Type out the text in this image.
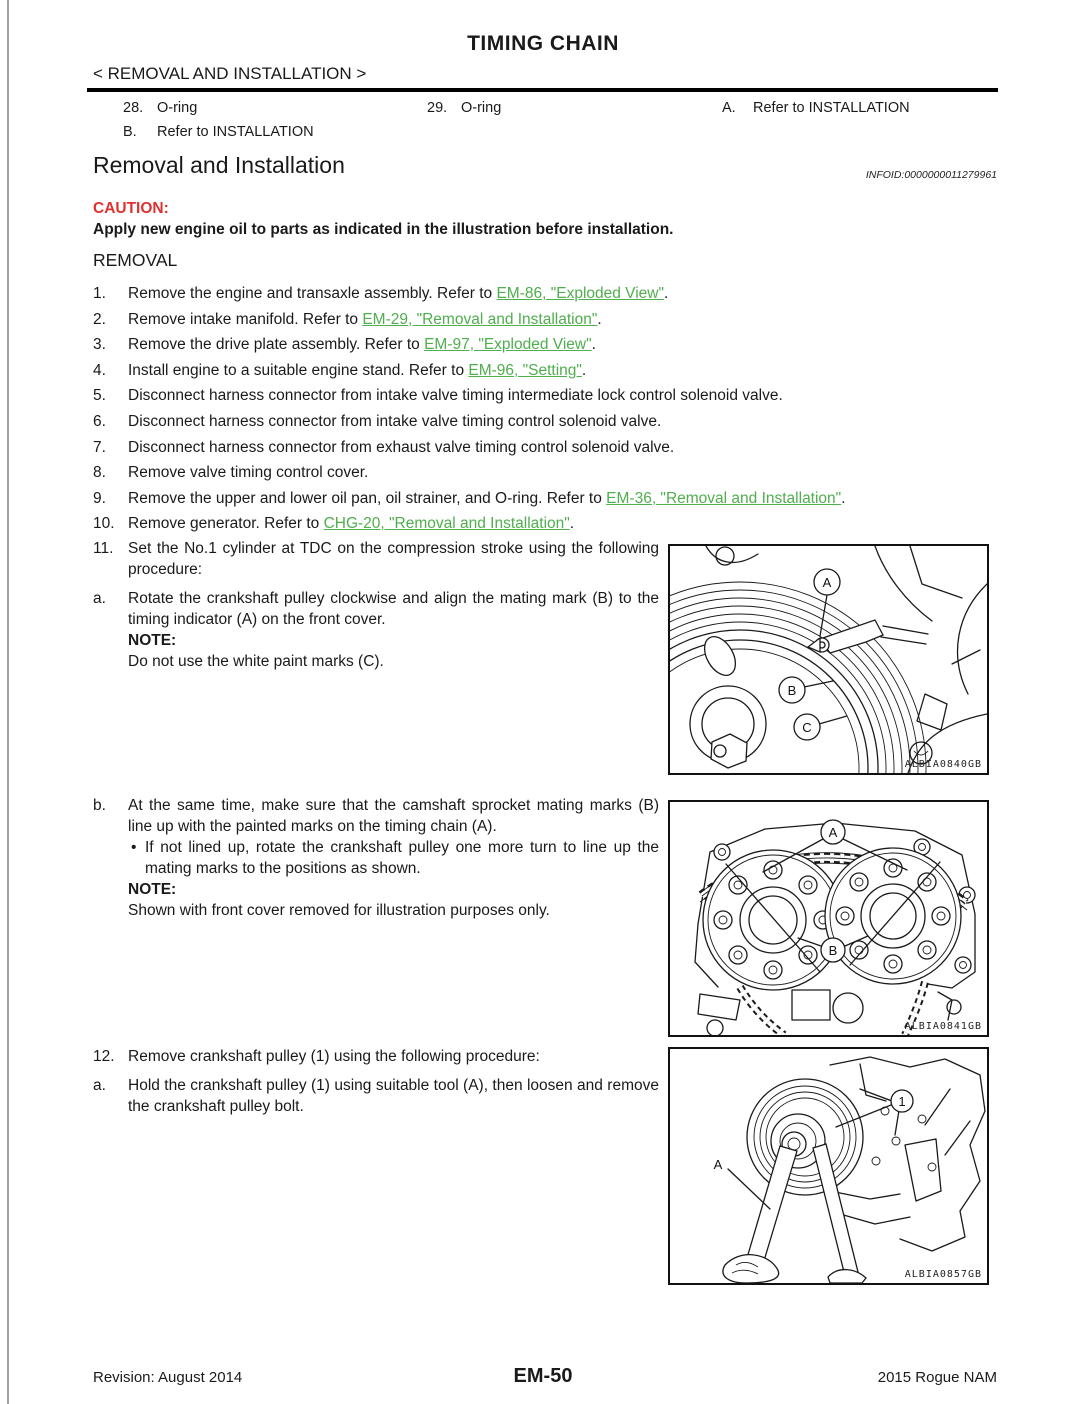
TIMING CHAIN
< REMOVAL AND INSTALLATION >
28. O-ring	29. O-ring	A. Refer to INSTALLATION
B. Refer to INSTALLATION
Removal and Installation	INFOID:0000000011279961
CAUTION:
Apply new engine oil to parts as indicated in the illustration before installation.
REMOVAL
1.	Remove the engine and transaxle assembly. Refer to EM-86, "Exploded View".
2.	Remove intake manifold. Refer to EM-29, "Removal and Installation".
3.	Remove the drive plate assembly. Refer to EM-97, "Exploded View".
4.	Install engine to a suitable engine stand. Refer to EM-96, "Setting".
5.	Disconnect harness connector from intake valve timing intermediate lock control solenoid valve.
6.	Disconnect harness connector from intake valve timing control solenoid valve.
7.	Disconnect harness connector from exhaust valve timing control solenoid valve.
8.	Remove valve timing control cover.
9.	Remove the upper and lower oil pan, oil strainer, and O-ring. Refer to EM-36, "Removal and Installation".
10. Remove generator. Refer to CHG-20, "Removal and Installation".
11. Set the No.1 cylinder at TDC on the compression stroke using the following procedure:
a.	Rotate the crankshaft pulley clockwise and align the mating mark (B) to the timing indicator (A) on the front cover.
NOTE:
Do not use the white paint marks (C).
b.	At the same time, make sure that the camshaft sprocket mating marks (B) line up with the painted marks on the timing chain (A).
• If not lined up, rotate the crankshaft pulley one more turn to line up the mating marks to the positions as shown.
NOTE:
Shown with front cover removed for illustration purposes only.
12. Remove crankshaft pulley (1) using the following procedure:
a.	Hold the crankshaft pulley (1) using suitable tool (A), then loosen and remove the crankshaft pulley bolt.
A
B
C
ALBIA0840GB
A
B
ALBIA0841GB
A
1
ALBIA0857GB
Revision: August 2014	EM-50	2015 Rogue NAM
